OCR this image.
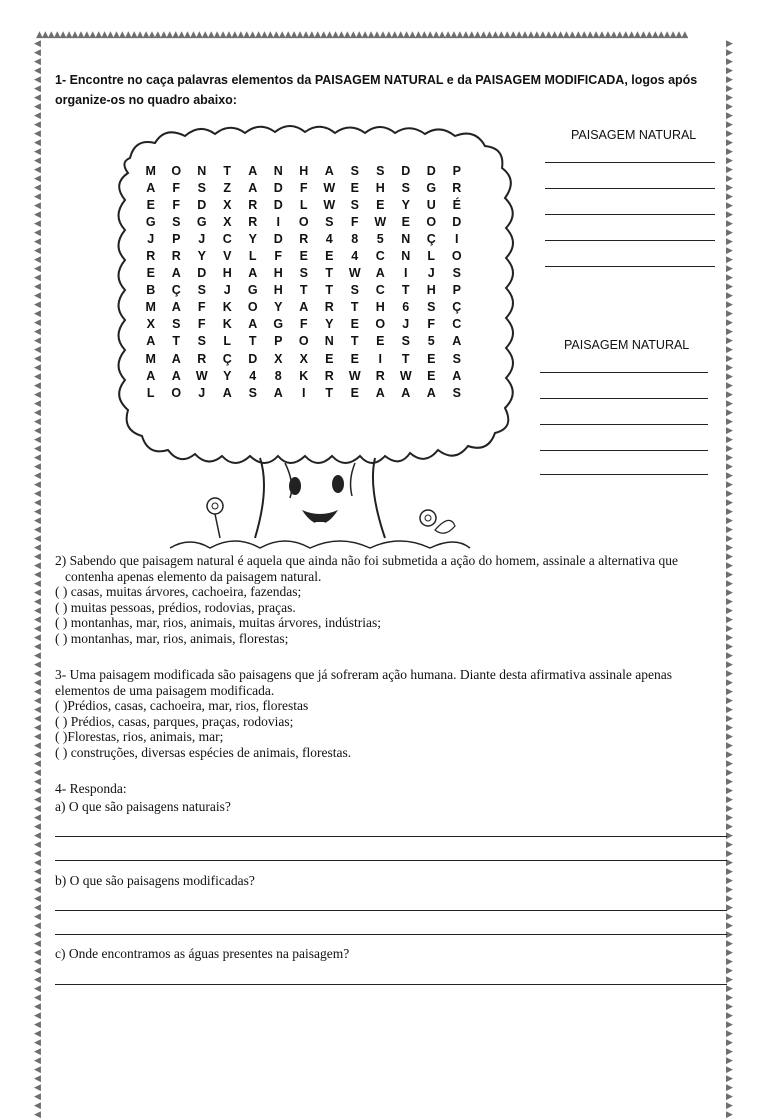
▲▲▲▲▲▲▲▲▲▲▲▲▲▲▲▲▲▲▲▲▲▲▲▲▲▲▲▲▲▲▲▲▲▲▲▲▲▲▲▲▲▲▲▲▲▲▲▲▲▲▲▲▲▲▲▲▲▲▲▲▲▲▲▲▲▲▲▲▲▲▲▲▲▲▲▲▲▲▲▲▲▲▲▲▲▲▲▲▲▲▲▲▲▲▲▲▲▲▲▲▲▲▲▲▲▲▲▲▲▲
◀◀◀◀◀◀◀◀◀◀◀◀◀◀◀◀◀◀◀◀◀◀◀◀◀◀◀◀◀◀◀◀◀◀◀◀◀◀◀◀◀◀◀◀◀◀◀◀◀◀◀◀◀◀◀◀◀◀◀◀◀◀◀◀◀◀◀◀◀◀◀◀◀◀◀◀◀◀◀◀◀◀◀◀◀◀◀◀◀◀◀◀◀◀◀◀◀◀◀◀◀◀◀◀◀◀◀◀◀◀◀◀◀◀◀◀◀◀◀◀
▶▶▶▶▶▶▶▶▶▶▶▶▶▶▶▶▶▶▶▶▶▶▶▶▶▶▶▶▶▶▶▶▶▶▶▶▶▶▶▶▶▶▶▶▶▶▶▶▶▶▶▶▶▶▶▶▶▶▶▶▶▶▶▶▶▶▶▶▶▶▶▶▶▶▶▶▶▶▶▶▶▶▶▶▶▶▶▶▶▶▶▶▶▶▶▶▶▶▶▶▶▶▶▶▶▶▶▶▶▶▶▶▶▶▶▶▶▶▶▶
1- Encontre no caça palavras elementos da PAISAGEM NATURAL e da PAISAGEM MODIFICADA, logos após organize-os no quadro abaixo:
M	O	N	T	A	N	H	A	S	S	D	D	P
A	F	S	Z	A	D	F	W	E	H	S	G	R
E	F	D	X	R	D	L	W	S	E	Y	U	É
G	S	G	X	R	I	O	S	F	W	E	O	D
J	P	J	C	Y	D	R	4	8	5	N	Ç	I
R	R	Y	V	L	F	E	E	4	C	N	L	O
E	A	D	H	A	H	S	T	W	A	I	J	S
B	Ç	S	J	G	H	T	T	S	C	T	H	P
M	A	F	K	O	Y	A	R	T	H	6	S	Ç
X	S	F	K	A	G	F	Y	E	O	J	F	C
A	T	S	L	T	P	O	N	T	E	S	5	A
M	A	R	Ç	D	X	X	E	E	I	T	E	S
A	A	W	Y	4	8	K	R	W	R	W	E	A
L	O	J	A	S	A	I	T	E	A	A	A	S
PAISAGEM NATURAL
PAISAGEM NATURAL

2) Sabendo que paisagem natural é aquela que ainda não foi submetida a ação do homem, assinale a alternativa que

contenha apenas elemento da paisagem natural.

( ) casas, muitas árvores, cachoeira, fazendas;

( ) muitas pessoas, prédios, rodovias, praças.

( ) montanhas, mar, rios, animais, muitas árvores, indústrias;

( ) montanhas, mar, rios, animais, florestas;

3- Uma paisagem modificada são paisagens que já sofreram ação humana. Diante desta afirmativa assinale apenas

elementos de uma paisagem modificada.

( )Prédios, casas, cachoeira, mar, rios, florestas

( ) Prédios, casas, parques, praças, rodovias;

( )Florestas, rios, animais, mar;

( ) construções, diversas espécies de animais, florestas.

4- Responda:
a) O que são paisagens naturais?
b) O que são paisagens modificadas?
c) Onde encontramos as águas presentes na paisagem?
